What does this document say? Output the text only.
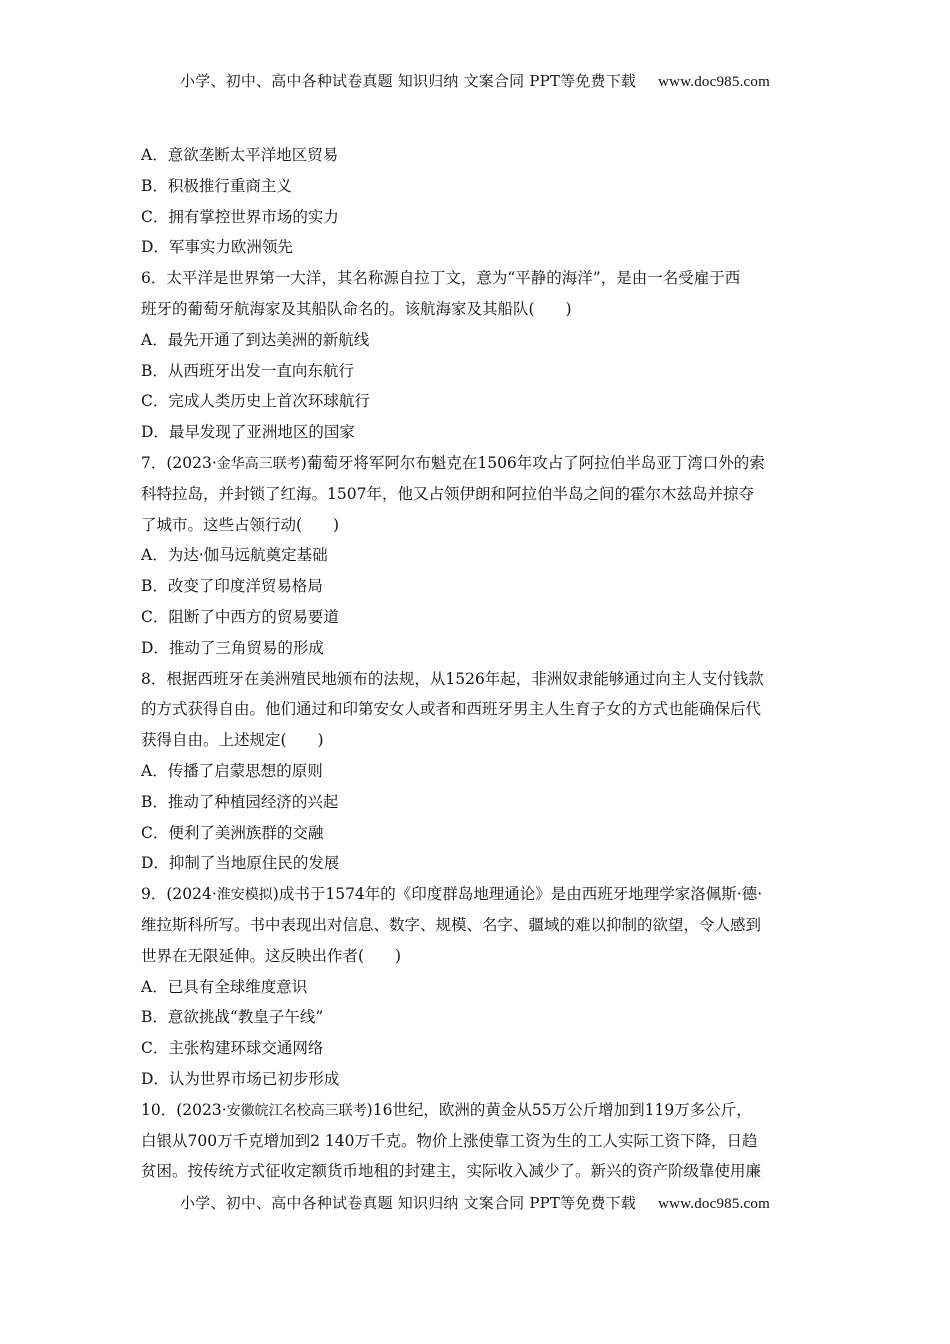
小学、初中、高中各种试卷真题 知识归纳 文案合同 PPT等免费下载 www.doc985.com
A．意欲垄断太平洋地区贸易
B．积极推行重商主义
C．拥有掌控世界市场的实力
D．军事实力欧洲领先
6．太平洋是世界第一大洋，其名称源自拉丁文，意为“平静的海洋”，是由一名受雇于西
班牙的葡萄牙航海家及其船队命名的。该航海家及其船队(　　)
A．最先开通了到达美洲的新航线
B．从西班牙出发一直向东航行
C．完成人类历史上首次环球航行
D．最早发现了亚洲地区的国家
7．(2023·金华高三联考)葡萄牙将军阿尔布魁克在1506年攻占了阿拉伯半岛亚丁湾口外的索
科特拉岛，并封锁了红海。1507年，他又占领伊朗和阿拉伯半岛之间的霍尔木兹岛并掠夺
了城市。这些占领行动(　　)
A．为达·伽马远航奠定基础
B．改变了印度洋贸易格局
C．阻断了中西方的贸易要道
D．推动了三角贸易的形成
8．根据西班牙在美洲殖民地颁布的法规，从1526年起，非洲奴隶能够通过向主人支付钱款
的方式获得自由。他们通过和印第安女人或者和西班牙男主人生育子女的方式也能确保后代
获得自由。上述规定(　　)
A．传播了启蒙思想的原则
B．推动了种植园经济的兴起
C．便利了美洲族群的交融
D．抑制了当地原住民的发展
9．(2024·淮安模拟)成书于1574年的《印度群岛地理通论》是由西班牙地理学家洛佩斯·德·
维拉斯科所写。书中表现出对信息、数字、规模、名字、疆域的难以抑制的欲望，令人感到
世界在无限延伸。这反映出作者(　　)
A．已具有全球维度意识
B．意欲挑战“教皇子午线”
C．主张构建环球交通网络
D．认为世界市场已初步形成
10．(2023·安徽皖江名校高三联考)16世纪，欧洲的黄金从55万公斤增加到119万多公斤，
白银从700万千克增加到2 140万千克。物价上涨使靠工资为生的工人实际工资下降，日趋
贫困。按传统方式征收定额货币地租的封建主，实际收入减少了。新兴的资产阶级靠使用廉
小学、初中、高中各种试卷真题 知识归纳 文案合同 PPT等免费下载 www.doc985.com
